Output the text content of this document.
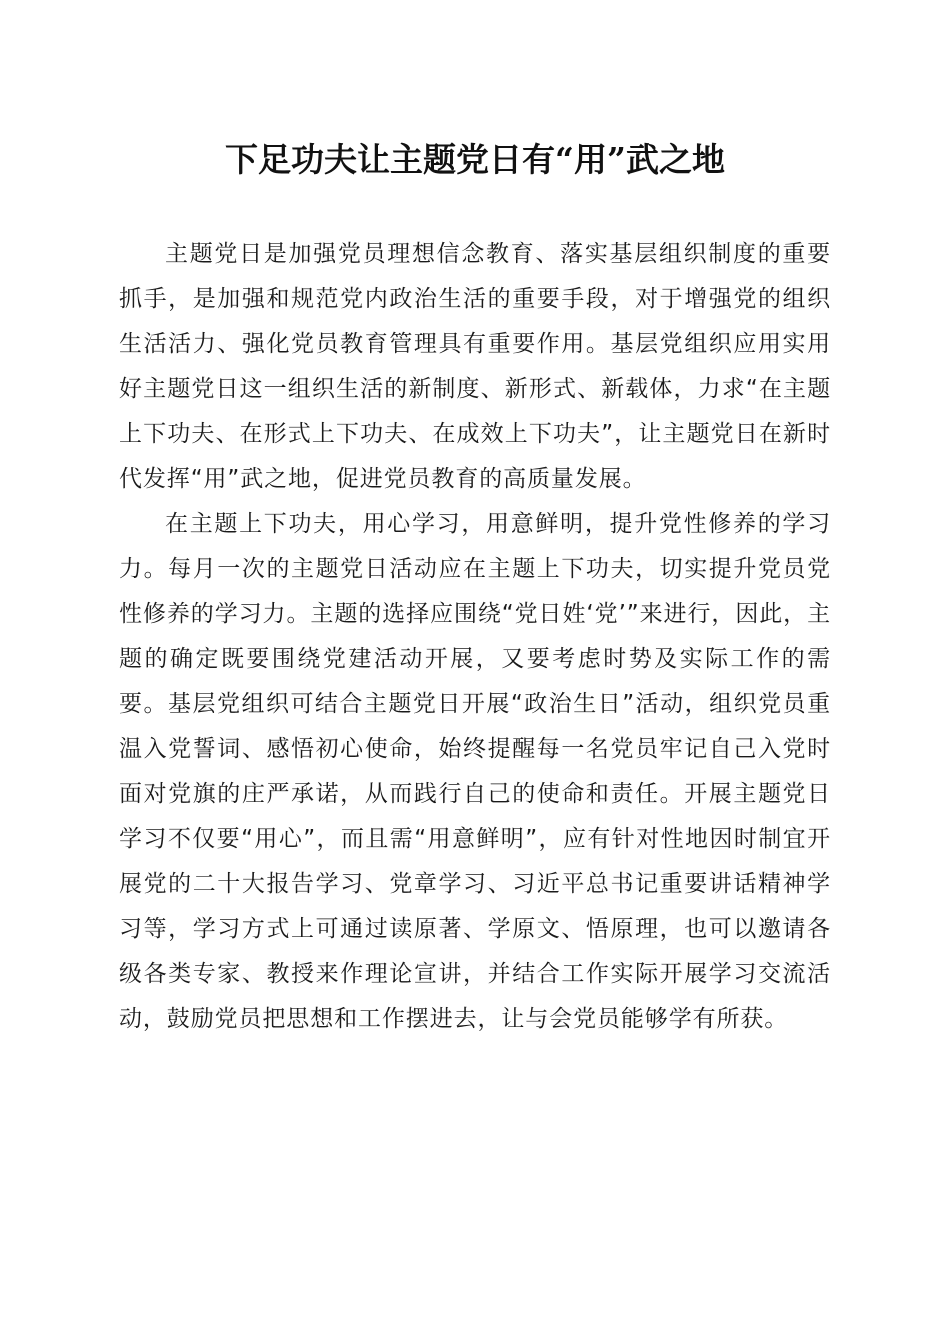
下足功夫让主题党日有“用”武之地

主题党日是加强党员理想信念教育、落实基层组织制度的重要抓手，是加强和规范党内政治生活的重要手段，对于增强党的组织生活活力、强化党员教育管理具有重要作用。基层党组织应用实用好主题党日这一组织生活的新制度、新形式、新载体，力求“在主题上下功夫、在形式上下功夫、在成效上下功夫”，让主题党日在新时代发挥“用”武之地，促进党员教育的高质量发展。

在主题上下功夫，用心学习，用意鲜明，提升党性修养的学习力。每月一次的主题党日活动应在主题上下功夫，切实提升党员党性修养的学习力。主题的选择应围绕“党日姓‘党’”来进行，因此，主题的确定既要围绕党建活动开展，又要考虑时势及实际工作的需要。基层党组织可结合主题党日开展“政治生日”活动，组织党员重温入党誓词、感悟初心使命，始终提醒每一名党员牢记自己入党时面对党旗的庄严承诺，从而践行自己的使命和责任。开展主题党日学习不仅要“用心”，而且需“用意鲜明”，应有针对性地因时制宜开展党的二十大报告学习、党章学习、习近平总书记重要讲话精神学习等，学习方式上可通过读原著、学原文、悟原理，也可以邀请各级各类专家、教授来作理论宣讲，并结合工作实际开展学习交流活动，鼓励党员把思想和工作摆进去，让与会党员能够学有所获。
